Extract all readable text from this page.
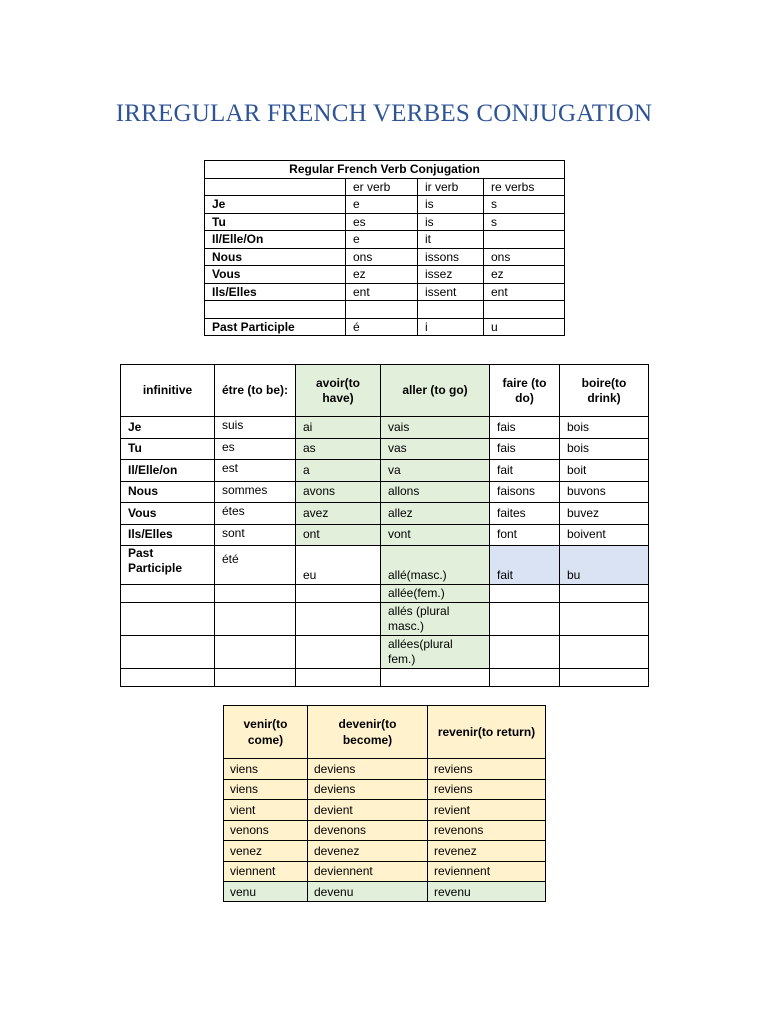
IRREGULAR FRENCH VERBES CONJUGATION
Regular French Verb Conjugation			
	er verb	ir verb	re verbs
Je	e	is	s
Tu	es	is	s
Il/Elle/On	e	it	
Nous	ons	issons	ons
Vous	ez	issez	ez
Ils/Elles	ent	issent	ent

Past Participle	é	i	u
infinitive	étre (to be):	avoir(to have)	aller (to go)	faire (to do)	boire(to drink)
Je	suis	ai	vais	fais	bois
Tu	es	as	vas	fais	bois
Il/Elle/on	est	a	va	fait	boit
Nous	sommes	avons	allons	faisons	buvons
Vous	étes	avez	allez	faites	buvez
Ils/Elles	sont	ont	vont	font	boivent
Past Participle	été	eu	allé(masc.)	fait	bu
			allée(fem.)		
			allés (plural masc.)		
			allées(plural fem.)		

venir(to come)	devenir(to become)	revenir(to return)
viens	deviens	reviens
viens	deviens	reviens
vient	devient	revient
venons	devenons	revenons
venez	devenez	revenez
viennent	deviennent	reviennent
venu	devenu	revenu
